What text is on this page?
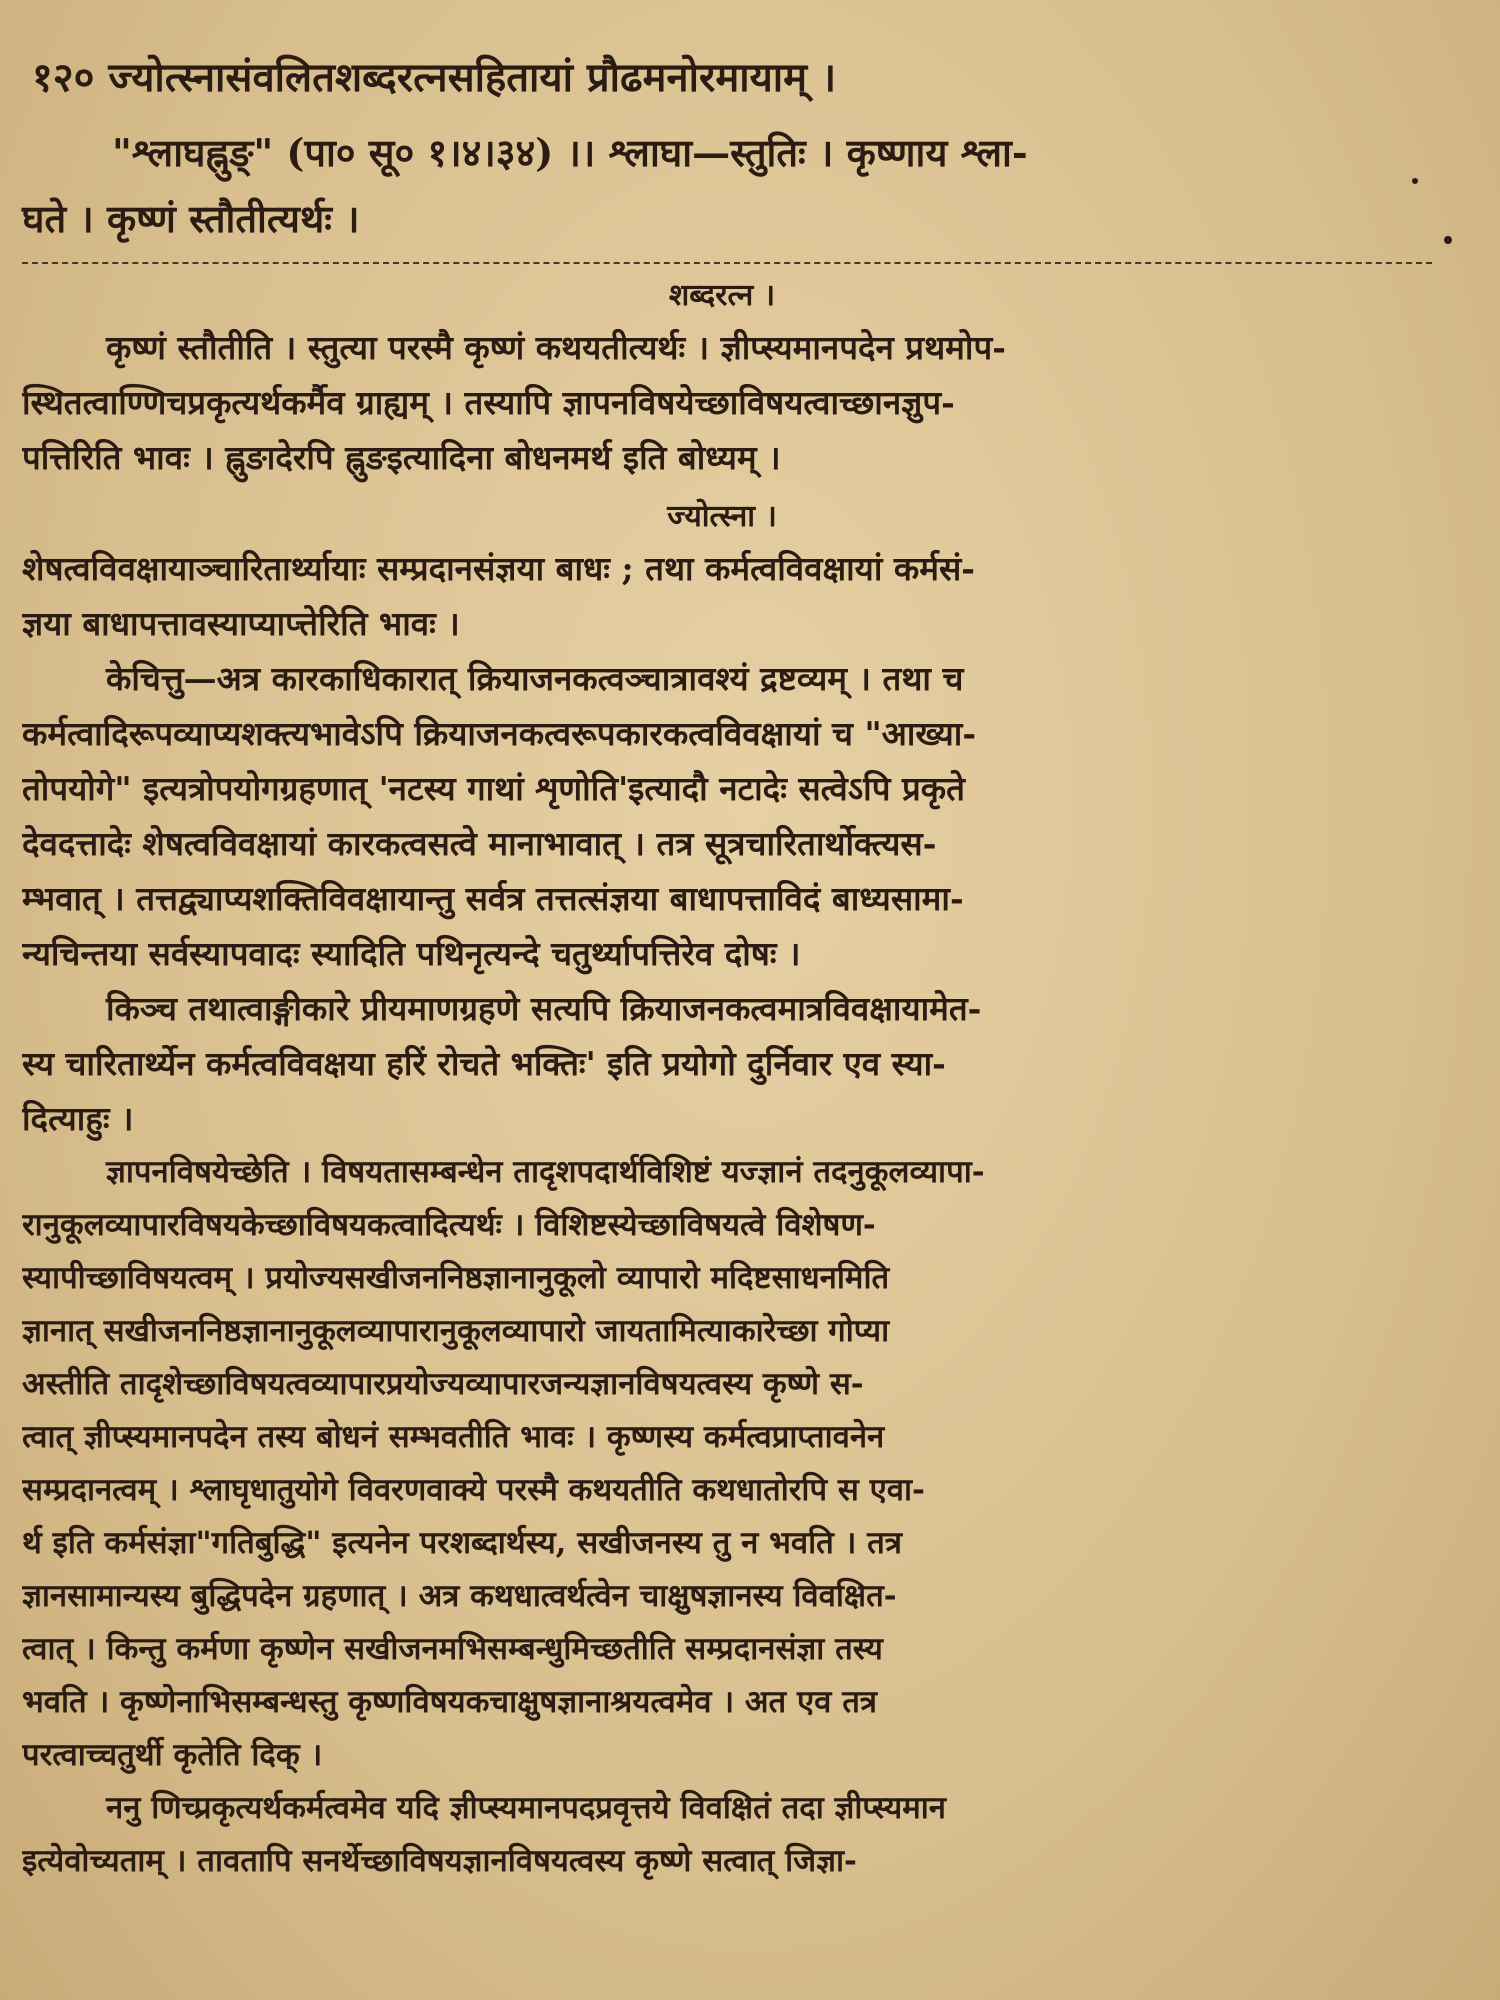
१२० ज्योत्स्नासंवलितशब्दरत्नसहितायां प्रौढमनोरमायाम् ।
"श्लाघह्नुङ्" (पा० सू० १।४।३४) ।। श्लाघा—स्तुतिः । कृष्णाय श्ला-
घते । कृष्णं स्तौतीत्यर्थः ।
शब्दरत्न ।
कृष्णं स्तौतीति । स्तुत्या परस्मै कृष्णं कथयतीत्यर्थः । ज्ञीप्स्यमानपदेन प्रथमोप-
स्थितत्वाण्णिचप्रकृत्यर्थकर्मैव ग्राह्यम् । तस्यापि ज्ञापनविषयेच्छाविषयत्वाच्छानज्ञुप-
पत्तिरिति भावः । ह्नुङादेरपि ह्नुङइत्यादिना बोधनमर्थ इति बोध्यम् ।
ज्योत्स्ना ।
शेषत्वविवक्षायाञ्चारितार्थ्यायाः सम्प्रदानसंज्ञया बाधः ; तथा कर्मत्वविवक्षायां कर्मसं-
ज्ञया बाधापत्तावस्याप्याप्त्तेरिति भावः ।
केचित्तु—अत्र कारकाधिकारात् क्रियाजनकत्वञ्चात्रावश्यं द्रष्टव्यम् । तथा च
कर्मत्वादिरूपव्याप्यशक्त्यभावेऽपि क्रियाजनकत्वरूपकारकत्वविवक्षायां च "आख्या-
तोपयोगे" इत्यत्रोपयोगग्रहणात् 'नटस्य गाथां शृणोति'इत्यादौ नटादेः सत्वेऽपि प्रकृते
देवदत्तादेः शेषत्वविवक्षायां कारकत्वसत्वे मानाभावात् । तत्र सूत्रचारितार्थोक्त्यस-
म्भवात् । तत्तद्व्याप्यशक्तिविवक्षायान्तु सर्वत्र तत्तत्संज्ञया बाधापत्ताविदं बाध्यसामा-
न्यचिन्तया सर्वस्यापवादः स्यादिति पथिनृत्यन्दे चतुर्थ्यापत्तिरेव दोषः ।
किञ्च तथात्वाङ्गीकारे प्रीयमाणग्रहणे सत्यपि क्रियाजनकत्वमात्रविवक्षायामेत-
स्य चारितार्थ्येन कर्मत्वविवक्षया हरिं रोचते भक्तिः' इति प्रयोगो दुर्निवार एव स्या-
दित्याहुः ।
ज्ञापनविषयेच्छेति । विषयतासम्बन्धेन तादृशपदार्थविशिष्टं यज्ज्ञानं तदनुकूलव्यापा-
रानुकूलव्यापारविषयकेच्छाविषयकत्वादित्यर्थः । विशिष्टस्येच्छाविषयत्वे विशेषण-
स्यापीच्छाविषयत्वम् । प्रयोज्यसखीजननिष्ठज्ञानानुकूलो व्यापारो मदिष्टसाधनमिति
ज्ञानात् सखीजननिष्ठज्ञानानुकूलव्यापारानुकूलव्यापारो जायतामित्याकारेच्छा गोप्या
अस्तीति तादृशेच्छाविषयत्वव्यापारप्रयोज्यव्यापारजन्यज्ञानविषयत्वस्य कृष्णे स-
त्वात् ज्ञीप्स्यमानपदेन तस्य बोधनं सम्भवतीति भावः । कृष्णस्य कर्मत्वप्राप्तावनेन
सम्प्रदानत्वम् । श्लाघृधातुयोगे विवरणवाक्ये परस्मै कथयतीति कथधातोरपि स एवा-
र्थ इति कर्मसंज्ञा"गतिबुद्धि" इत्यनेन परशब्दार्थस्य, सखीजनस्य तु न भवति । तत्र
ज्ञानसामान्यस्य बुद्धिपदेन ग्रहणात् । अत्र कथधात्वर्थत्वेन चाक्षुषज्ञानस्य विवक्षित-
त्वात् । किन्तु कर्मणा कृष्णेन सखीजनमभिसम्बन्धुमिच्छतीति सम्प्रदानसंज्ञा तस्य
भवति । कृष्णेनाभिसम्बन्धस्तु कृष्णविषयकचाक्षुषज्ञानाश्रयत्वमेव । अत एव तत्र
परत्वाच्चतुर्थी कृतेति दिक् ।
ननु णिच्प्रकृत्यर्थकर्मत्वमेव यदि ज्ञीप्स्यमानपदप्रवृत्तये विवक्षितं तदा ज्ञीप्स्यमान
इत्येवोच्यताम् । तावतापि सनर्थेच्छाविषयज्ञानविषयत्वस्य कृष्णे सत्वात् जिज्ञा-
